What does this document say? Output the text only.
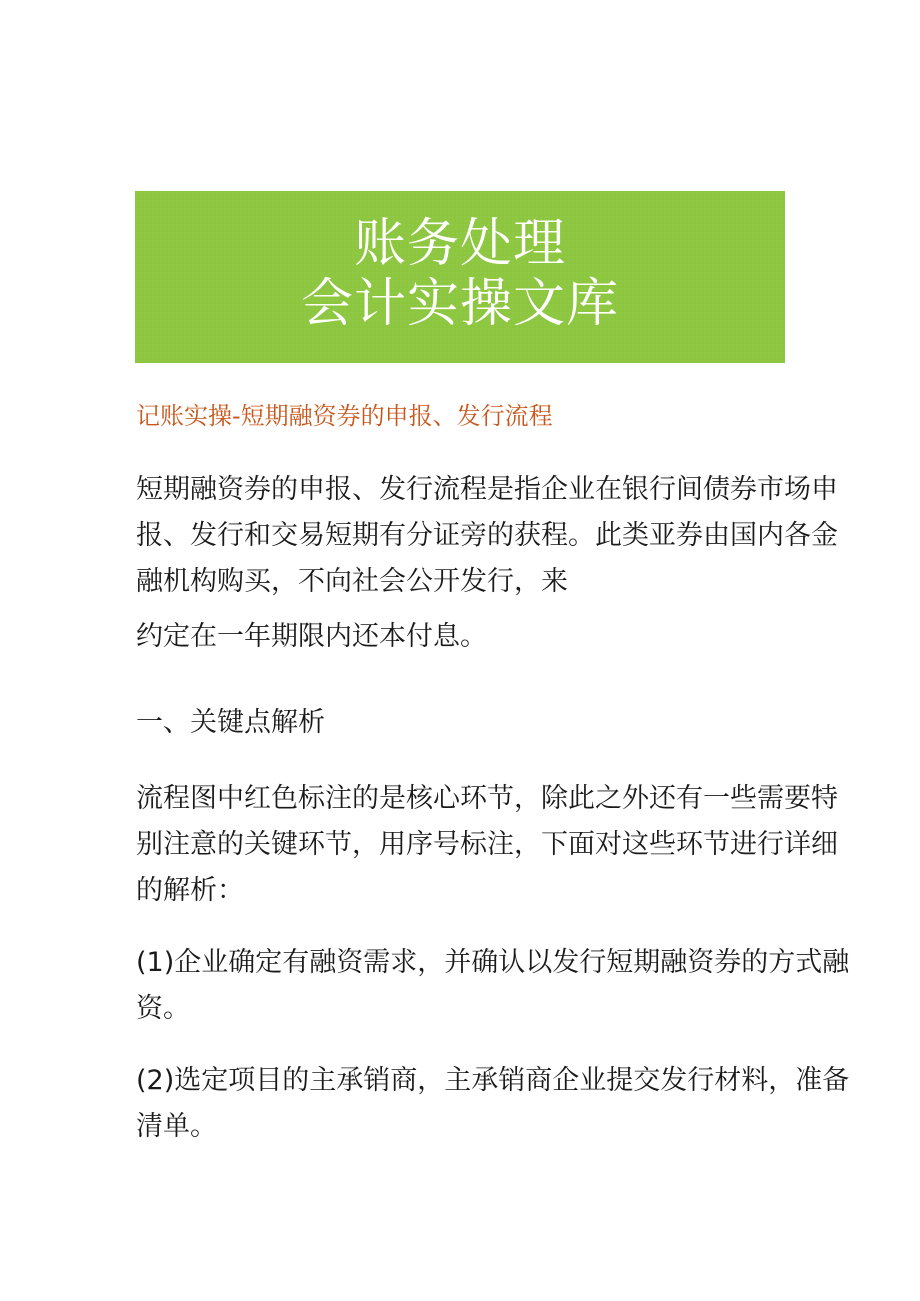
账务处理
会计实操文库
记账实操-短期融资券的申报、发行流程

短期融资券的申报、发行流程是指企业在银行间债券市场申
报、发行和交易短期有分证旁的获程。此类亚券由国内各金
融机构购买，不向社会公开发行，来

约定在一年期限内还本付息。

一、关键点解析

流程图中红色标注的是核心环节，除此之外还有一些需要特
别注意的关键环节，用序号标注，下面对这些环节进行详细
的解析：

(1)企业确定有融资需求，并确认以发行短期融资券的方式融
资。

(2)选定项目的主承销商，主承销商企业提交发行材料，准备
清单。
